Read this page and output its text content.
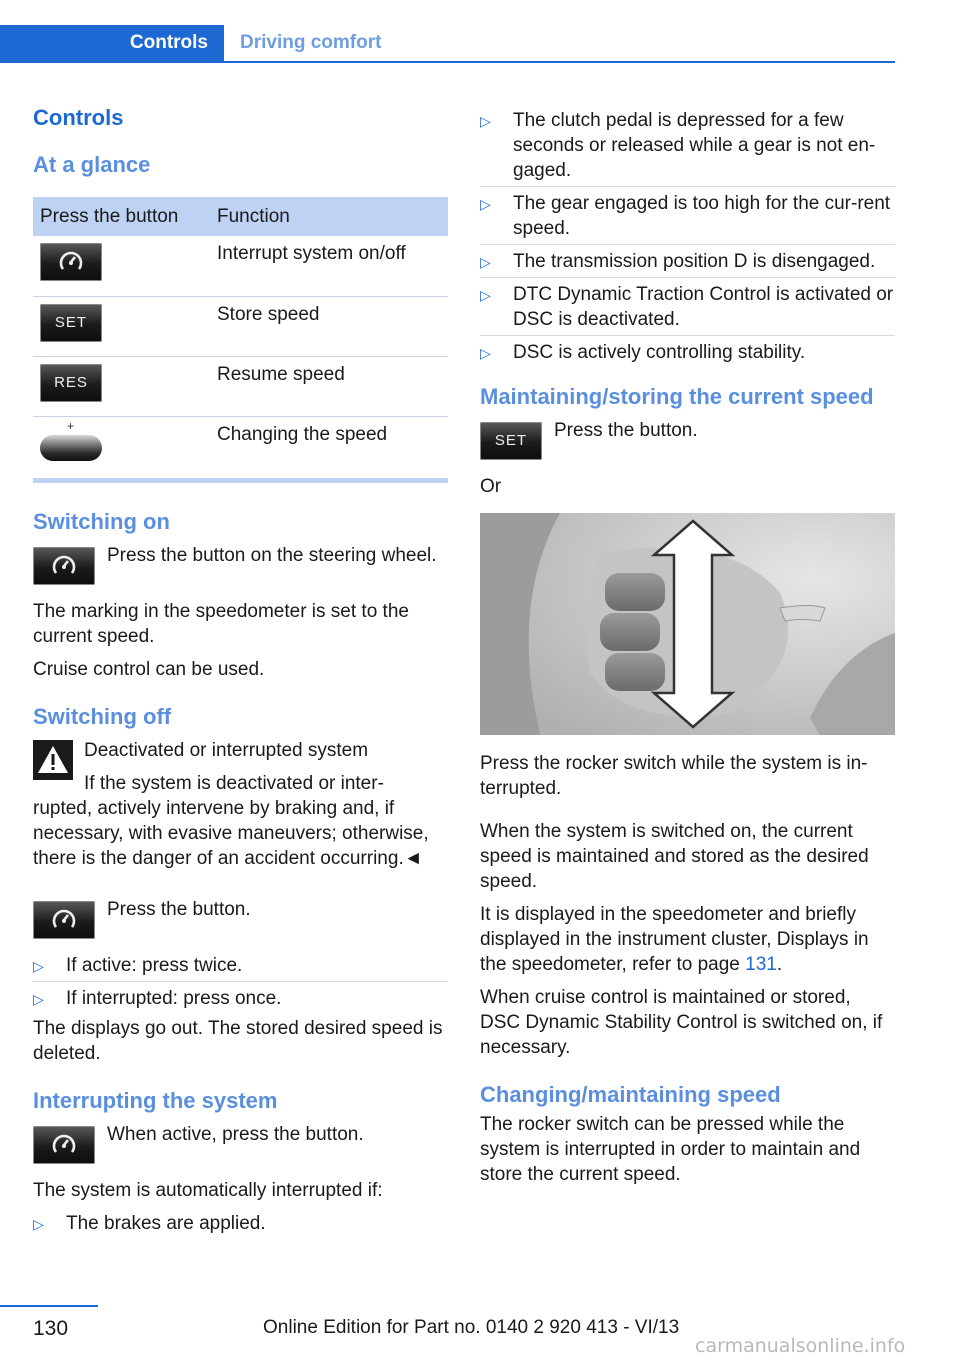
Controls	Driving comfort
Controls
At a glance
Press the button	Function

	Interrupt system on/off

SET	Store speed

RES	Resume speed

+	Changing the speed
Switching on
Press the button on the steering wheel.

The marking in the speedometer is set to the current speed.

Cruise control can be used.

Switching off

Deactivated or interrupted system

If the system is deactivated or inter-

rupted, actively intervene by braking and, if necessary, with evasive maneuvers; otherwise, there is the danger of an accident occurring.◄

Press the button.
▷ If active: press twice.
▷ If interrupted: press once.

The displays go out. The stored desired speed is deleted.

Interrupting the system
When active, press the button.

The system is automatically interrupted if:

▷ The brakes are applied.
▷ The clutch pedal is depressed for a few seconds or released while a gear is not en-gaged.
▷ The gear engaged is too high for the cur-rent speed.
▷ The transmission position D is disengaged.
▷ DTC Dynamic Traction Control is activated or DSC is deactivated.
▷ DSC is actively controlling stability.
Maintaining/storing the current speed
SET	Press the button.

Or

Press the rocker switch while the system is in-terrupted.

When the system is switched on, the current speed is maintained and stored as the desired speed.

It is displayed in the speedometer and briefly displayed in the instrument cluster, Displays in the speedometer, refer to page 131.

When cruise control is maintained or stored, DSC Dynamic Stability Control is switched on, if necessary.

Changing/maintaining speed

The rocker switch can be pressed while the system is interrupted in order to maintain and store the current speed.

130	Online Edition for Part no. 0140 2 920 413 - VI/13
carmanualsonline.info
